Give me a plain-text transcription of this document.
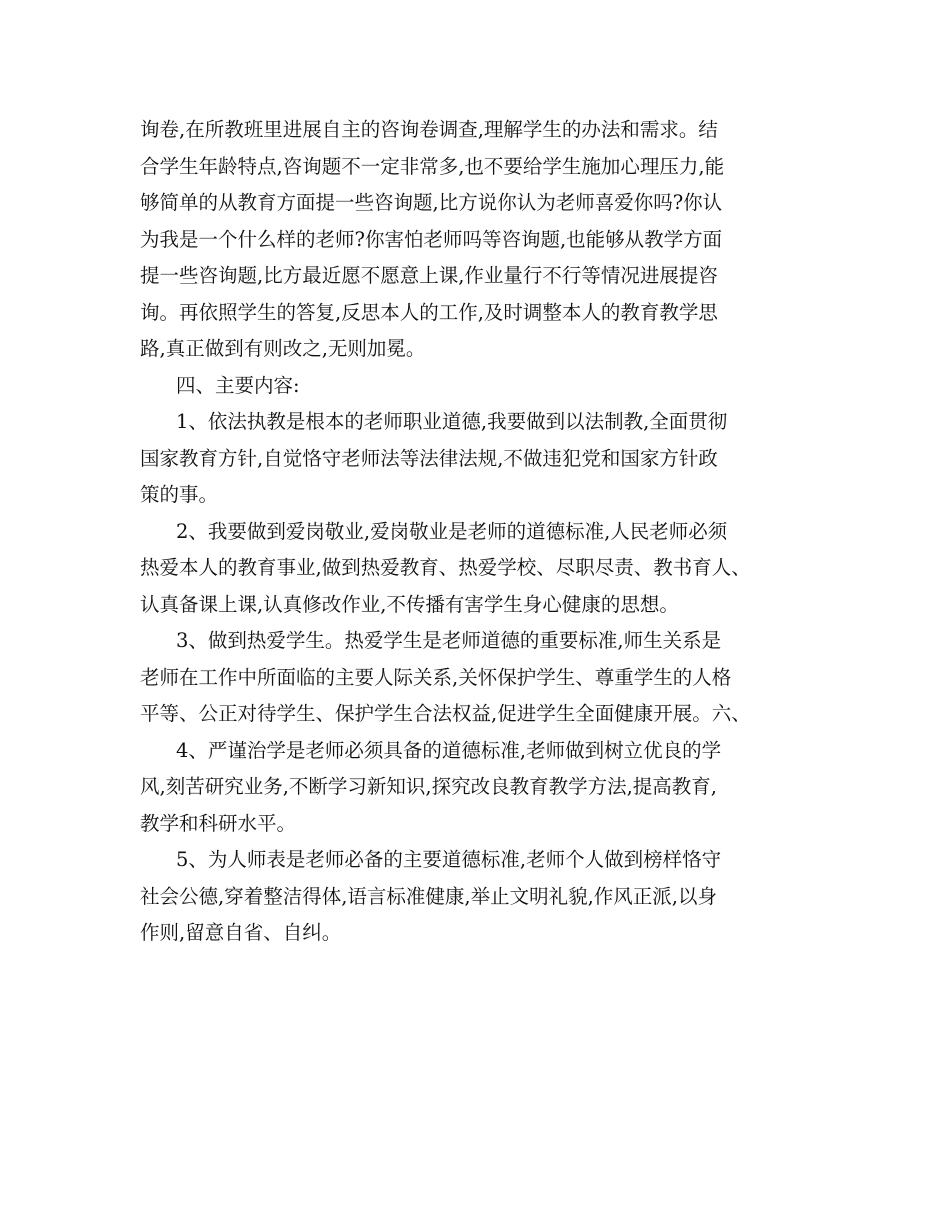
询卷,在所教班里进展自主的咨询卷调查,理解学生的办法和需求。结
合学生年龄特点,咨询题不一定非常多,也不要给学生施加心理压力,能
够简单的从教育方面提一些咨询题,比方说你认为老师喜爱你吗?你认
为我是一个什么样的老师?你害怕老师吗等咨询题,也能够从教学方面
提一些咨询题,比方最近愿不愿意上课,作业量行不行等情况进展提咨
询。再依照学生的答复,反思本人的工作,及时调整本人的教育教学思
路,真正做到有则改之,无则加冕。
四、主要内容:
1、依法执教是根本的老师职业道德,我要做到以法制教,全面贯彻
国家教育方针,自觉恪守老师法等法律法规,不做违犯党和国家方针政
策的事。
2、我要做到爱岗敬业,爱岗敬业是老师的道德标准,人民老师必须
热爱本人的教育事业,做到热爱教育、热爱学校、尽职尽责、教书育人、
认真备课上课,认真修改作业,不传播有害学生身心健康的思想。
3、做到热爱学生。热爱学生是老师道德的重要标准,师生关系是
老师在工作中所面临的主要人际关系,关怀保护学生、尊重学生的人格
平等、公正对待学生、保护学生合法权益,促进学生全面健康开展。六、
4、严谨治学是老师必须具备的道德标准,老师做到树立优良的学
风,刻苦研究业务,不断学习新知识,探究改良教育教学方法,提高教育,
教学和科研水平。
5、为人师表是老师必备的主要道德标准,老师个人做到榜样恪守
社会公德,穿着整洁得体,语言标准健康,举止文明礼貌,作风正派,以身
作则,留意自省、自纠。
